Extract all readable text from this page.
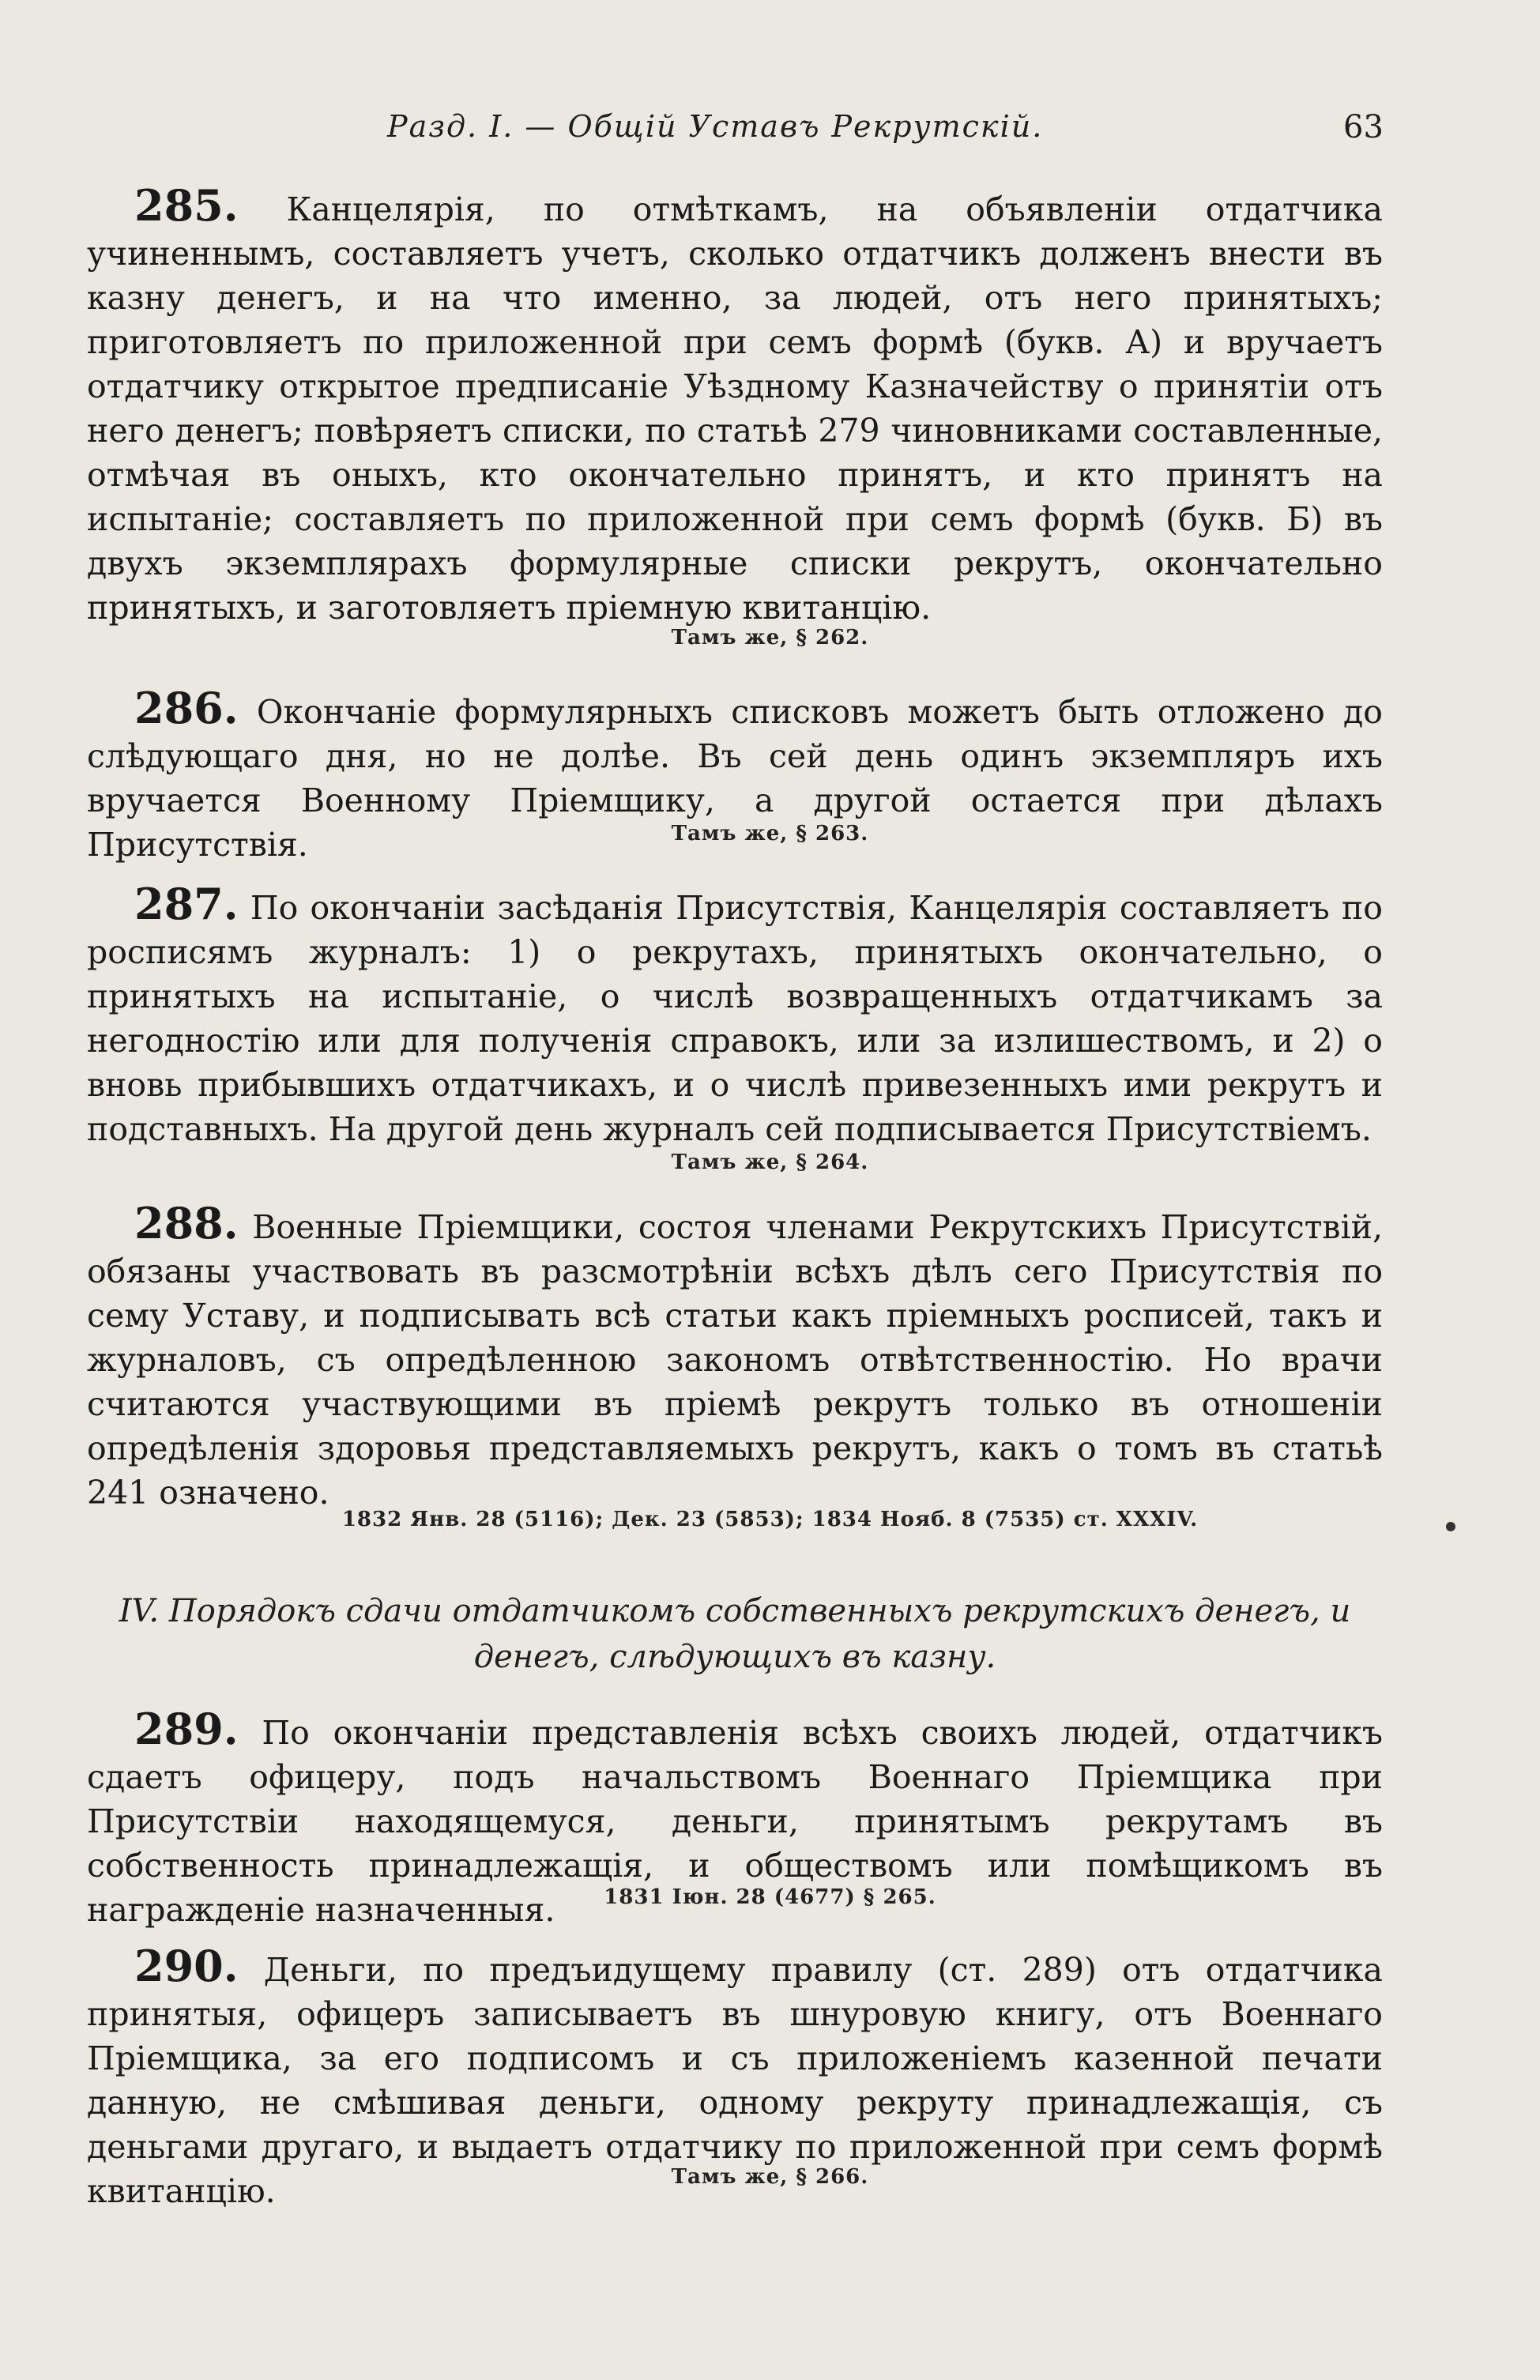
Разд. I. — Общій Уставъ Рекрутскій.	63

285. Канцелярія, по отмѣткамъ, на объявленіи отдатчика учиненнымъ, составляетъ учетъ, сколько отдатчикъ долженъ внести въ казну денегъ, и на что именно, за людей, отъ него принятыхъ; приготовляетъ по приложенной при семъ формѣ (букв. А) и вручаетъ отдатчику открытое предписаніе Уѣздному Казначейству о принятіи отъ него денегъ; повѣряетъ списки, по статьѣ 279 чиновниками составленные, отмѣчая въ оныхъ, кто окончательно принятъ, и кто принятъ на испытаніе; составляетъ по приложенной при семъ формѣ (букв. Б) въ двухъ экземплярахъ формулярные списки рекрутъ, окончательно принятыхъ, и заготовляетъ пріемную квитанцію.

Тамъ же, § 262.

286. Окончаніе формулярныхъ списковъ можетъ быть отложено до слѣдующаго дня, но не долѣе. Въ сей день одинъ экземпляръ ихъ вручается Военному Пріемщику, а другой остается при дѣлахъ Присутствія.	Тамъ же, § 263.

287. По окончаніи засѣданія Присутствія, Канцелярія составляетъ по росписямъ журналъ: 1) о рекрутахъ, принятыхъ окончательно, о принятыхъ на испытаніе, о числѣ возвращенныхъ отдатчикамъ за негодностію или для полученія справокъ, или за излишествомъ, и 2) о вновь прибывшихъ отдатчикахъ, и о числѣ привезенныхъ ими рекрутъ и подставныхъ. На другой день журналъ сей подписывается Присутствіемъ.

Тамъ же, § 264.

288. Военные Пріемщики, состоя членами Рекрутскихъ Присутствій, обязаны участвовать въ разсмотрѣніи всѣхъ дѣлъ сего Присутствія по сему Уставу, и подписывать всѣ статьи какъ пріемныхъ росписей, такъ и журналовъ, съ опредѣленною закономъ отвѣтственностію. Но врачи считаются участвующими въ пріемѣ рекрутъ только въ отношеніи опредѣленія здоровья представляемыхъ рекрутъ, какъ о томъ въ статьѣ 241 означено.

1832 Янв. 28 (5116); Дек. 23 (5853); 1834 Нояб. 8 (7535) ст. XXXIV.
IV. Порядокъ сдачи отдатчикомъ собственныхъ рекрутскихъ денегъ, и
денегъ, слѣдующихъ въ казну.

289. По окончаніи представленія всѣхъ своихъ людей, отдатчикъ сдаетъ офицеру, подъ начальствомъ Военнаго Пріемщика при Присутствіи находящемуся, деньги, принятымъ рекрутамъ въ собственность принадлежащія, и обществомъ или помѣщикомъ въ награжденіе назначенныя.	1831 Іюн. 28 (4677) § 265.

290. Деньги, по предъидущему правилу (ст. 289) отъ отдатчика принятыя, офицеръ записываетъ въ шнуровую книгу, отъ Военнаго Пріемщика, за его подписомъ и съ приложеніемъ казенной печати данную, не смѣшивая деньги, одному рекруту принадлежащія, съ деньгами другаго, и выдаетъ отдатчику по приложенной при семъ формѣ квитанцію.	Тамъ же, § 266.
